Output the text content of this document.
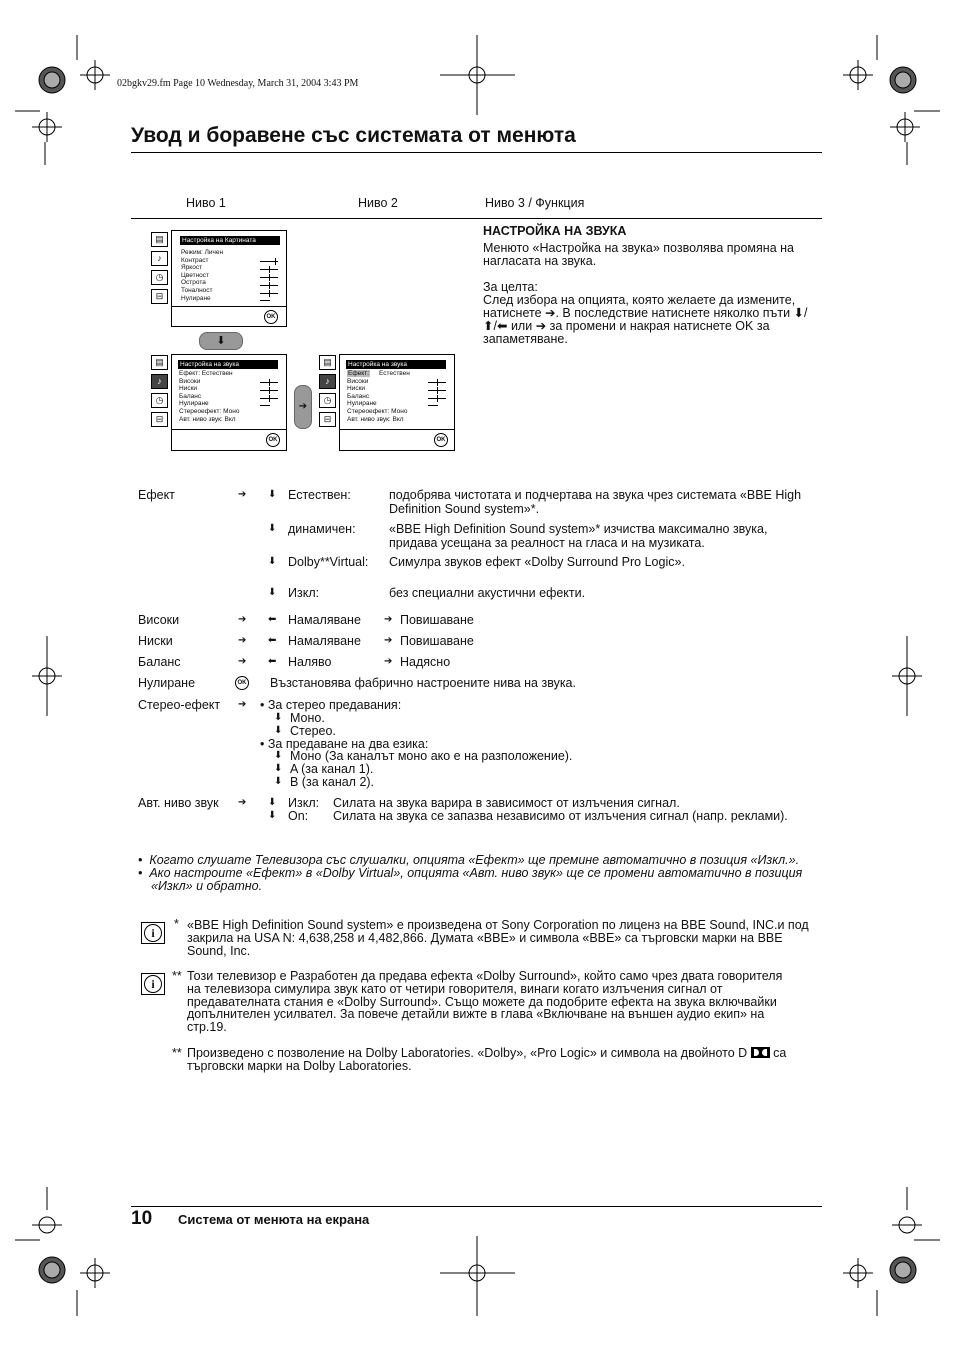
02bgkv29.fm Page 10 Wednesday, March 31, 2004 3:43 PM
Увод и боравене със системата от менюта
Ниво 1	Ниво 2	Ниво 3 / Функция
НАСТРОЙКА НА ЗВУКА
Менюто «Настройка на звука» позволява промяна на
нагласата на звука.
За целта:
След избора на опцията, която желаете да измените,
натиснете ➔. В последствие натиснете няколко пъти ⬇/
⬆/⬅ или ➔ за промени и накрая натиснете OK за
запаметяване.
▤
♪
◷
⊟
Настройка на Картината
Режим: Личен
Контраст
Яркост
Цветност
Острота
Тоналност
Нулиране
OK
⬇
▤
♪
◷
⊟
Настройка на звука
Ефект: Естествен
Високи
Ниски
Баланс
Нулиране
Стереоефект: Моно
Авт. ниво звук: Вкл
OK
➔
▤
♪
◷
⊟
Настройка на звука
Ефект: Естествен
Високи
Ниски
Баланс
Нулиране
Стереоефект: Моно
Авт. ниво звук: Вкл
OK
Ефект	➔ ⬇ Естествен:	подобрява чистотата и подчертава на звука чрез системата «BBE High
Definition Sound system»*.
⬇ динамичен:	«BBE High Definition Sound system»* изчиства максимално звука,
придава усещана за реалност на гласа и на музиката.
⬇ Dolby**Virtual: Симулра звуков ефект «Dolby Surround Pro Logic».
⬇ Изкл:	без специални акустични ефекти.
Високи	➔ ⬅ Намаляване ➔ Повишаване
Ниски	➔ ⬅ Намаляване ➔ Повишаване
Баланс	➔ ⬅ Наляво	➔ Надясно
Нулиране	OK Възстановява фабрично настроените нива на звука.
Стерео-ефект ➔ • За стерео предавания:
⬇ Моно.
⬇ Стерео.
• За предаване на два езика:
⬇ Моно (За каналът моно ако е на разположение).
⬇ A (за канал 1).
⬇ B (за канал 2).
Авт. ниво звук ➔ ⬇ Изкл: Силата на звука варира в зависимост от излъчения сигнал.
⬇ On: Силата на звука се запазва независимо от излъчения сигнал (напр. реклами).
•  Когато слушате Телевизора със слушалки, опцията «Ефект» ще премине автоматично в позиция «Изкл.».
•  Ако настроите «Ефект» в «Dolby Virtual», опцията «Авт. ниво звук» ще се промени автоматично в позиция
«Изкл» и обратно.
i
* «BBE High Definition Sound system» е произведена от Sony Corporation по лиценз на BBE Sound, INC.и под
закрила на USA N: 4,638,258 и 4,482,866. Думата «BBE» и символа «BBE» са търговски марки на BBE
Sound, Inc.
i
** Този телевизор е Разработен да предава ефекта «Dolby Surround», който само чрез двата говорителя
на телевизора симулира звук като от четири говорителя, винаги когато излъчения сигнал от
предавателната стания е «Dolby Surround». Също можете да подобрите ефекта на звука включвайки
допълнителен усилвател. За повече детайли вижте в глава «Включване на външен аудио екип» на
стр.19.
** Произведено с позволение на Dolby Laboratories. «Dolby», «Pro Logic» и символа на двойното D са
търговски марки на Dolby Laboratories.
10 Система от менюта на екрана
